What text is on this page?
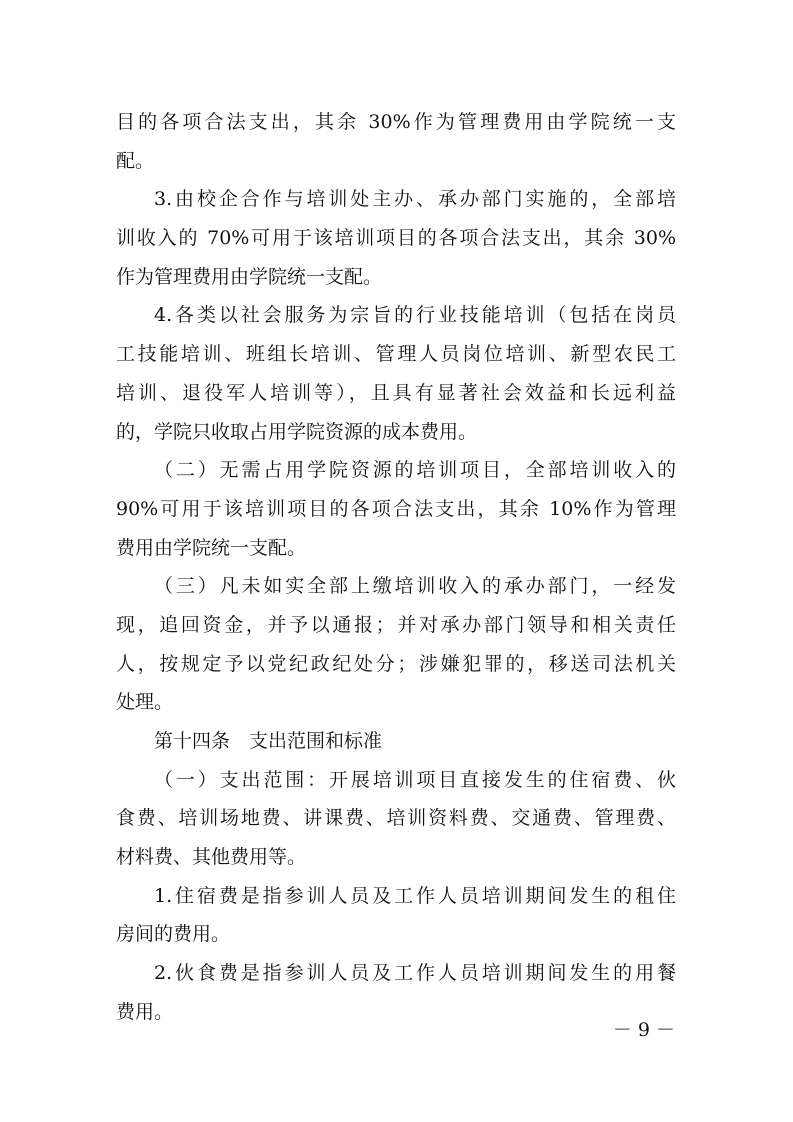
目的各项合法支出，其余 30%作为管理费用由学院统一支
配。
3.由校企合作与培训处主办、承办部门实施的，全部培
训收入的 70%可用于该培训项目的各项合法支出，其余 30%
作为管理费用由学院统一支配。
4.各类以社会服务为宗旨的行业技能培训（包括在岗员
工技能培训、班组长培训、管理人员岗位培训、新型农民工
培训、退役军人培训等），且具有显著社会效益和长远利益
的，学院只收取占用学院资源的成本费用。
（二）无需占用学院资源的培训项目，全部培训收入的
90%可用于该培训项目的各项合法支出，其余 10%作为管理
费用由学院统一支配。
（三）凡未如实全部上缴培训收入的承办部门，一经发
现，追回资金，并予以通报；并对承办部门领导和相关责任
人，按规定予以党纪政纪处分；涉嫌犯罪的，移送司法机关
处理。
第十四条　支出范围和标准
（一）支出范围：开展培训项目直接发生的住宿费、伙
食费、培训场地费、讲课费、培训资料费、交通费、管理费、
材料费、其他费用等。
1.住宿费是指参训人员及工作人员培训期间发生的租住
房间的费用。
2.伙食费是指参训人员及工作人员培训期间发生的用餐
费用。
－ 9 －
